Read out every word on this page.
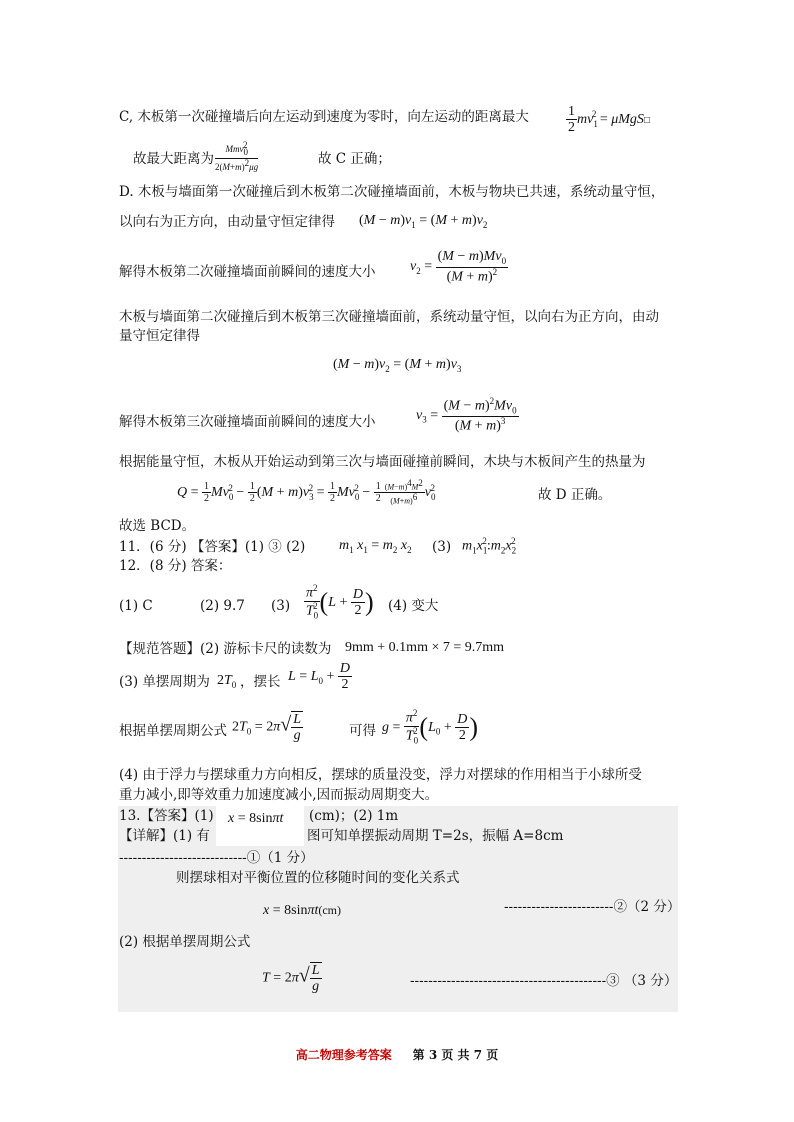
C, 木板第一次碰撞墙后向左运动到速度为零时，向左运动的距离最大	$\frac{1}{2} mv_1^2$ = μMgS□
故最大距离为 $\frac{Mmv_0^2}{2(M+m)^2\mu g}$	故 C 正确；
D. 木板与墙面第一次碰撞后到木板第二次碰撞墙面前，木板与物块已共速，系统动量守恒，
以向右为正方向，由动量守恒定律得 $(M - m)v_1 = (M + m)v_2$
解得木板第二次碰撞墙面前瞬间的速度大小 $v_2 = \frac{(M - m)Mv_0}{(M + m)^2}$
木板与墙面第二次碰撞后到木板第三次碰撞墙面前，系统动量守恒，以向右为正方向，由动
量守恒定律得
$(M - m)v_2 = (M + m)v_3$
解得木板第三次碰撞墙面前瞬间的速度大小	$v_3 = \frac{(M - m)^2Mv_0}{(M + m)^3}$
根据能量守恒，木板从开始运动到第三次与墙面碰撞前瞬间，木块与木板间产生的热量为
$Q = \frac{1}{2} Mv_0^2 - \frac{1}{2} (M + m)v_3^2 = \frac{1}{2} Mv_0^2 - \frac{1}{2} \frac{(M-m)^4M^2}{(M+m)^6} v_0^2$	故 D 正确。
故选 BCD。
11．(6 分) 【答案】(1) ③ (2) $m_1$ $x_1 = m_2$ $x_2$ (3) $m_1x_1^2:m_2x_2^2$
12．(8 分) 答案：
(1) C	(2) 9.7 $(3) \frac{\pi^2}{T_0^2} (L + \frac{D}{2}$ ) (4) 变大
【规范答题】(2) 游标卡尺的读数为 9mm + 0.1mm × 7 = 9.7mm
(3) 单摆周期为 $2T_0$ ，摆长 $L = L_0 + \frac{D}{2}$
根据单摆周期公式 $2T_0 = 2\pi√ \frac{L}{g}$	可得 $g = \frac{\pi^2}{T_0^2} (L_0 + \frac{D}{2}$ )
(4) 由于浮力与摆球重力方向相反，摆球的质量没变，浮力对摆球的作用相当于小球所受
重力减小,即等效重力加速度减小,因而振动周期变大。
13.【答案】(1) x = 8sinπt (cm)；(2) 1m
【详解】(1) 有	图可知单摆振动周期 T=2s，振幅 A=8cm
----------------------------①（1 分）
则摆球相对平衡位置的位移随时间的变化关系式
x = 8sinπt(cm)	------------------------②（2 分）
(2) 根据单摆周期公式
$T = 2\pi√ \frac{L}{g}$	-------------------------------------------③ （3 分）
高二物理参考答案 第 3 页 共 7 页
